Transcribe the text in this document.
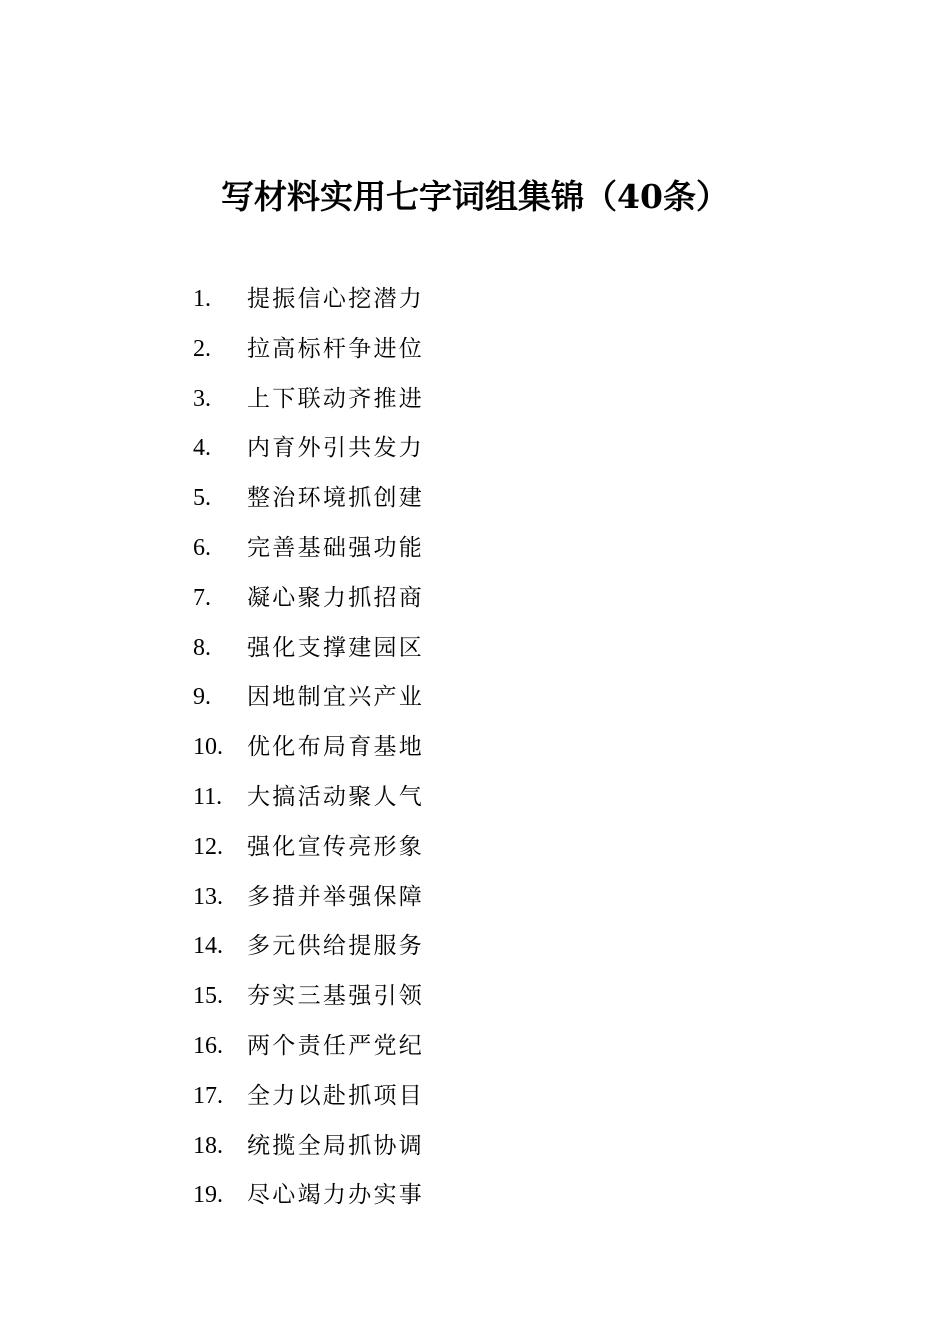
写材料实用七字词组集锦（40条）
1.	提振信心挖潜力
2.	拉高标杆争进位
3.	上下联动齐推进
4.	内育外引共发力
5.	整治环境抓创建
6.	完善基础强功能
7.	凝心聚力抓招商
8.	强化支撑建园区
9.	因地制宜兴产业
10.	优化布局育基地
11.	大搞活动聚人气
12.	强化宣传亮形象
13.	多措并举强保障
14.	多元供给提服务
15.	夯实三基强引领
16.	两个责任严党纪
17.	全力以赴抓项目
18.	统揽全局抓协调
19.	尽心竭力办实事
